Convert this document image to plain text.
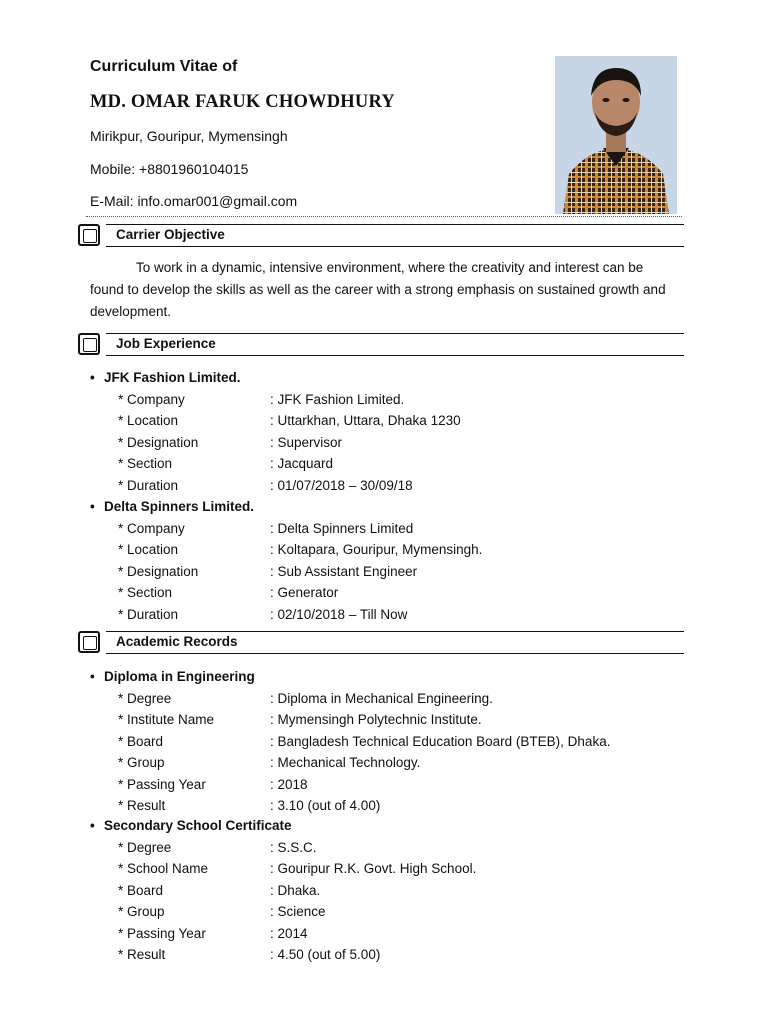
Curriculum Vitae of
MD. OMAR FARUK CHOWDHURY
Mirikpur, Gouripur, Mymensingh
Mobile: +8801960104015
E-Mail: info.omar001@gmail.com
Carrier Objective
To work in a dynamic, intensive environment, where the creativity and interest can be found to develop the skills as well as the career with a strong emphasis on sustained growth and development.
Job Experience
• JFK Fashion Limited.
* Company	: JFK Fashion Limited.
* Location	: Uttarkhan, Uttara, Dhaka 1230
* Designation	: Supervisor
* Section	: Jacquard
* Duration	: 01/07/2018 – 30/09/18
• Delta Spinners Limited.
* Company	: Delta Spinners Limited
* Location	: Koltapara, Gouripur, Mymensingh.
* Designation	: Sub Assistant Engineer
* Section	: Generator
* Duration	: 02/10/2018 – Till Now
Academic Records
• Diploma in Engineering
* Degree	: Diploma in Mechanical Engineering.
* Institute Name	: Mymensingh Polytechnic Institute.
* Board	: Bangladesh Technical Education Board (BTEB), Dhaka.
* Group	: Mechanical Technology.
* Passing Year	: 2018
* Result	: 3.10 (out of 4.00)
• Secondary School Certificate
* Degree	: S.S.C.
* School Name	: Gouripur R.K. Govt. High School.
* Board	: Dhaka.
* Group	: Science
* Passing Year	: 2014
* Result	: 4.50 (out of 5.00)
